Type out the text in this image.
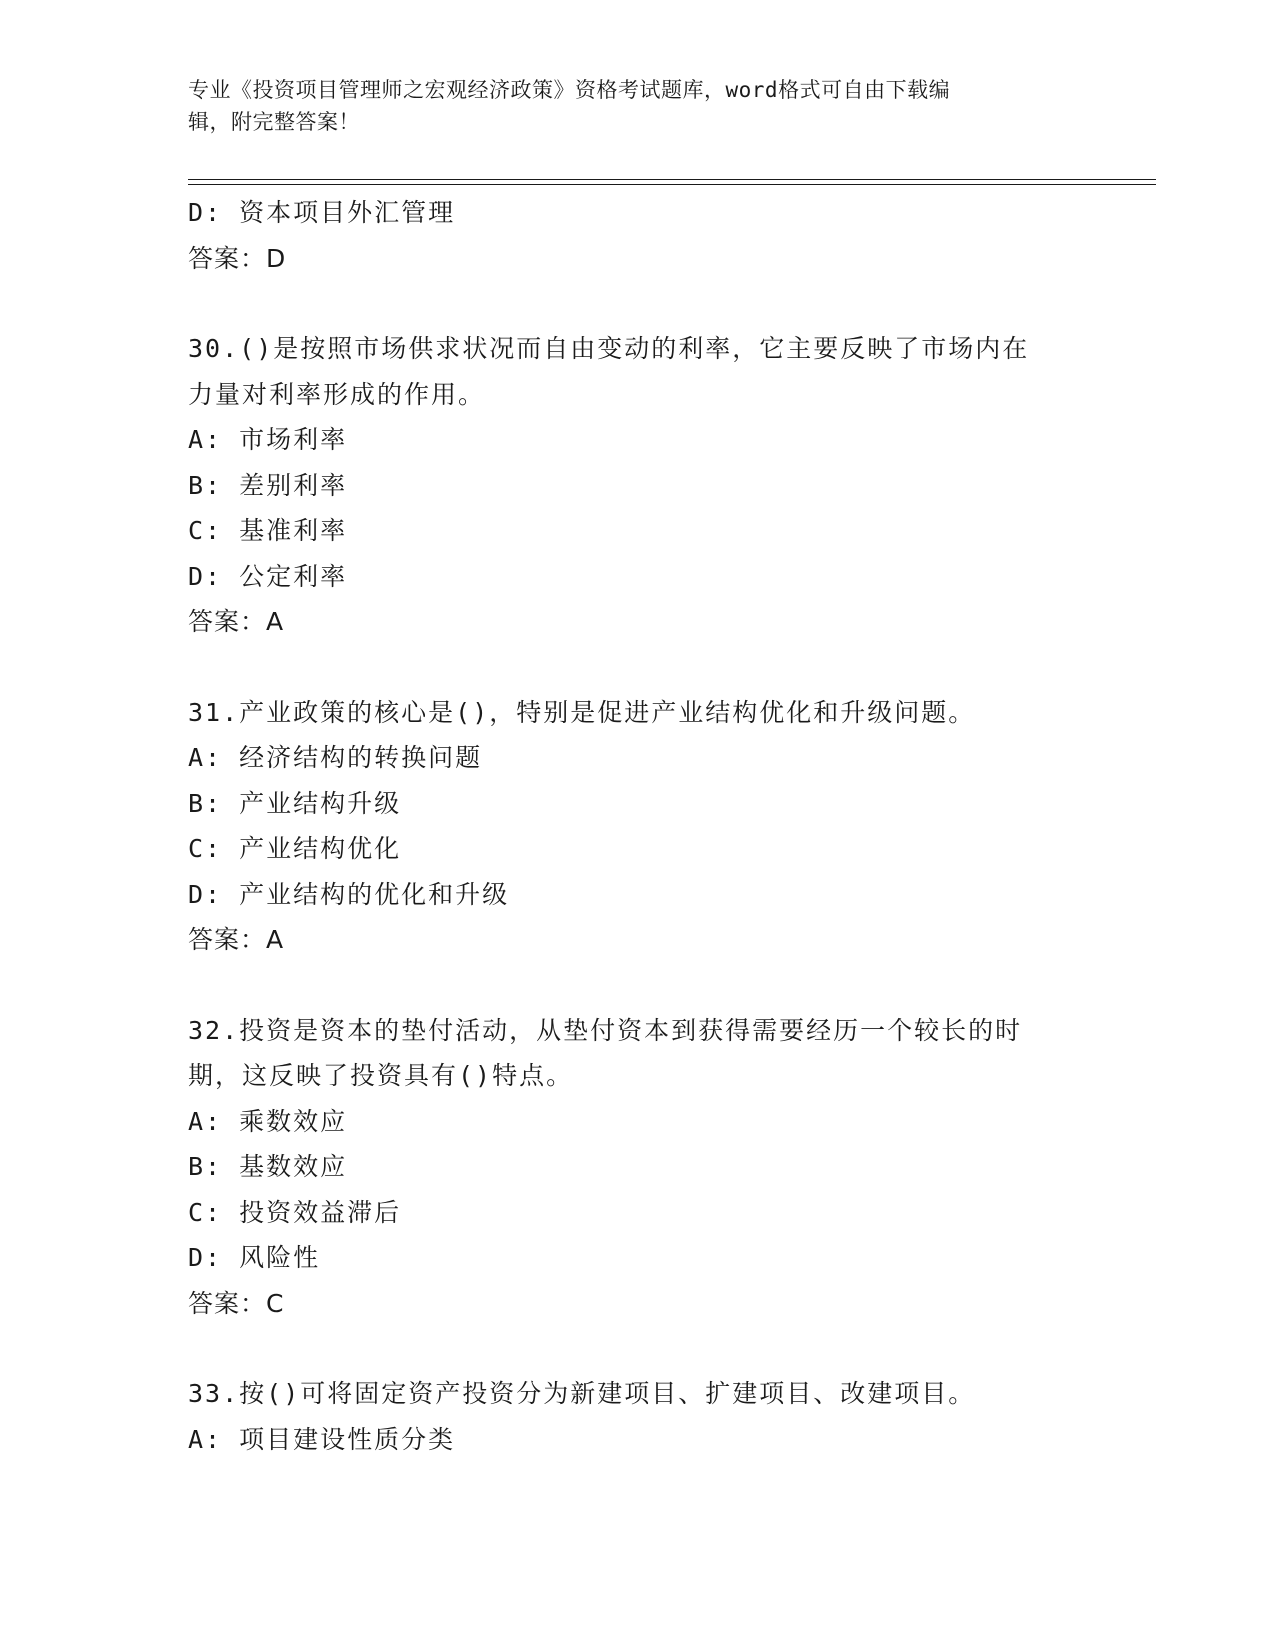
专业《投资项目管理师之宏观经济政策》资格考试题库，word格式可自由下载编
辑，附完整答案！
D: 资本项目外汇管理
答案：D
30.()是按照市场供求状况而自由变动的利率，它主要反映了市场内在
力量对利率形成的作用。
A: 市场利率
B: 差别利率
C: 基准利率
D: 公定利率
答案：A
31.产业政策的核心是()，特别是促进产业结构优化和升级问题。
A: 经济结构的转换问题
B: 产业结构升级
C: 产业结构优化
D: 产业结构的优化和升级
答案：A
32.投资是资本的垫付活动，从垫付资本到获得需要经历一个较长的时
期，这反映了投资具有()特点。
A: 乘数效应
B: 基数效应
C: 投资效益滞后
D: 风险性
答案：C
33.按()可将固定资产投资分为新建项目、扩建项目、改建项目。
A: 项目建设性质分类
